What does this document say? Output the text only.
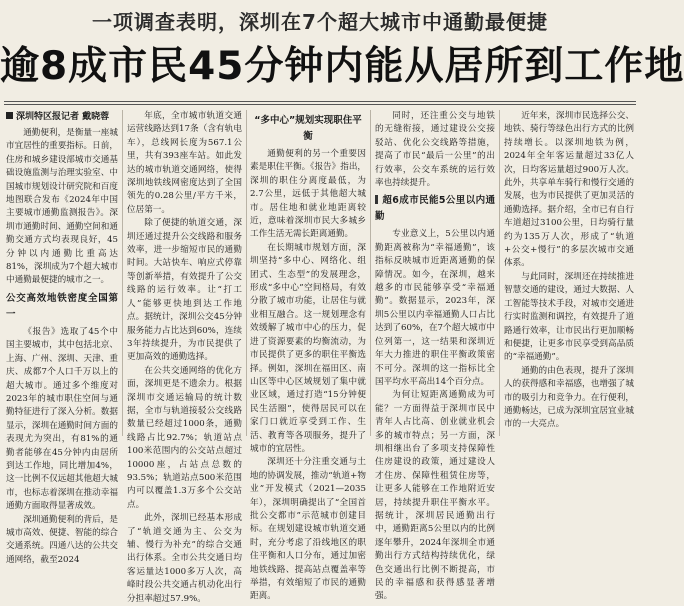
一项调查表明，深圳在7个超大城市中通勤最便捷
逾8成市民45分钟内能从居所到工作地
深圳特区报记者 戴晓蓉

通勤便利，是衡量一座城市宜居性的重要指标。日前，住房和城乡建设部城市交通基础设施监测与治理实验室、中国城市规划设计研究院和百度地图联合发布《2024年中国主要城市通勤监测报告》。深圳市通勤时间、通勤空间和通勤交通方式均表现良好，45分钟以内通勤比重高达81%，深圳成为7个超大城市中通勤最便捷的城市之一。

公交高效地铁密度全国第一

《报告》选取了45个中国主要城市，其中包括北京、上海、广州、深圳、天津、重庆、成都7个人口千万以上的超大城市。通过多个维度对2023年的城市职住空间与通勤特征进行了深入分析。数据显示，深圳在通勤时间方面的表现尤为突出，有81%的通勤者能够在45分钟内由居所到达工作地，同比增加4%，这一比例不仅远超其他超大城市，也标志着深圳在推动幸福通勤方面取得显著成效。

深圳通勤便利的背后，是城市高效、便捷、智能的综合交通系统。四通八达的公共交通网络，截至2024

年底，全市城市轨道交通运营线路达到17条（含有轨电车），总线网长度为567.1公里，共有393座车站。如此发达的城市轨道交通网络，使得深圳地铁线网密度达到了全国领先的0.28公里/平方千米，位居第一。

除了便捷的轨道交通，深圳还通过提升公交线路和服务效率，进一步缩短市民的通勤时间。大站快车、响应式停靠等创新举措，有效提升了公交线路的运行效率。让“打工人”能够更快地到达工作地点。据统计，深圳公交45分钟服务能力占比达到60%，连续3年持续提升，为市民提供了更加高效的通勤选择。

在公共交通网络的优化方面，深圳更是不遗余力。根据深圳市交通运输局的统计数据，全市与轨道接驳公交线路数量已经超过1000条，通勤线路占比92.7%；轨道站点100米范围内的公交站点超过10000座，占站点总数的93.5%；轨道站点500米范围内可以覆盖1.3万多个公交站点。

此外，深圳已经基本形成了“轨道交通为主、公交为辅、慢行为补充”的综合交通出行体系。全市公共交通日均客运量达1000多万人次，高峰时段公共交通占机动化出行分担率超过57.9%。

“多中心”规划实现职住平衡

通勤便利的另一个重要因素是职住平衡。《报告》指出，深圳的职住分离度最低，为2.7公里，远低于其他超大城市。居住地和就业地距离较近，意味着深圳市民大多城乡工作生活无需长距离通勤。

在长期城市规划方面，深圳坚持“多中心、网络化、组团式、生态型”的发展理念，形成“多中心”空间格局，有效分散了城市功能，让居住与就业相互融合。这一规划理念有效缓解了城市中心的压力，促进了资源要素的均衡流动，为市民提供了更多的职住平衡选择。例如，深圳在福田区、南山区等中心区域规划了集中就业区域，通过打造“15分钟便民生活圈”，使得居民可以在家门口就近享受到工作、生活、教育等各项服务，提升了城市的宜居性。

深圳还十分注重交通与土地的协调发展，推动“轨道+物业”开发模式（2021—2035年），深圳明确提出了“全国首批公交都市”示范城市创建目标。在规划建设城市轨道交通时，充分考虑了沿线地区的职住平衡和人口分布，通过加密地铁线路、提高站点覆盖率等举措，有效缩短了市民的通勤距离。

同时，还注重公交与地铁的无缝衔接，通过建设公交接驳站、优化公交线路等措施，提高了市民“最后一公里”的出行效率，公交车系统的运行效率也持续提升。

超6成市民能5公里以内通勤

专业意义上，5公里以内通勤距离被称为“幸福通勤”，该指标反映城市近距离通勤的保障情况。如今，在深圳，越来越多的市民能够享受“幸福通勤”。数据显示，2023年，深圳5公里以内幸福通勤人口占比达到了60%，在7个超大城市中位列第一，这一结果和深圳近年大力推进的职住平衡政策密不可分。深圳的这一指标比全国平均水平高出14个百分点。

为何让短距离通勤成为可能？一方面得益于深圳市民中青年人占比高、创业就业机会多的城市特点；另一方面，深圳相继出台了多项支持保障性住房建设的政策，通过建设人才住房、保障性租赁住房等，让更多人能够在工作地附近安居，持续提升职住平衡水平。据统计，深圳居民通勤出行中，通勤距离5公里以内的比例逐年攀升，2024年深圳全市通勤出行方式结构持续优化，绿色交通出行比例不断提高，市民的幸福感和获得感显著增强。

近年来，深圳市民选择公交、地铁、骑行等绿色出行方式的比例持续增长。以深圳地铁为例，2024年全年客运量超过33亿人次，日均客运量超过900万人次。此外，共享单车骑行和慢行交通的发展，也为市民提供了更加灵活的通勤选择。据介绍，全市已有自行车道超过3100公里，日均骑行量约为135万人次，形成了“轨道+公交+慢行”的多层次城市交通体系。

与此同时，深圳还在持续推进智慧交通的建设，通过大数据、人工智能等技术手段，对城市交通进行实时监测和调控，有效提升了道路通行效率，让市民出行更加顺畅和便捷，让更多市民享受到高品质的“幸福通勤”。

通勤的由色表现，提升了深圳人的获得感和幸福感，也增强了城市的吸引力和竞争力。在行便利，通勤畅达，已成为深圳宜居宜业城市的一大亮点。
